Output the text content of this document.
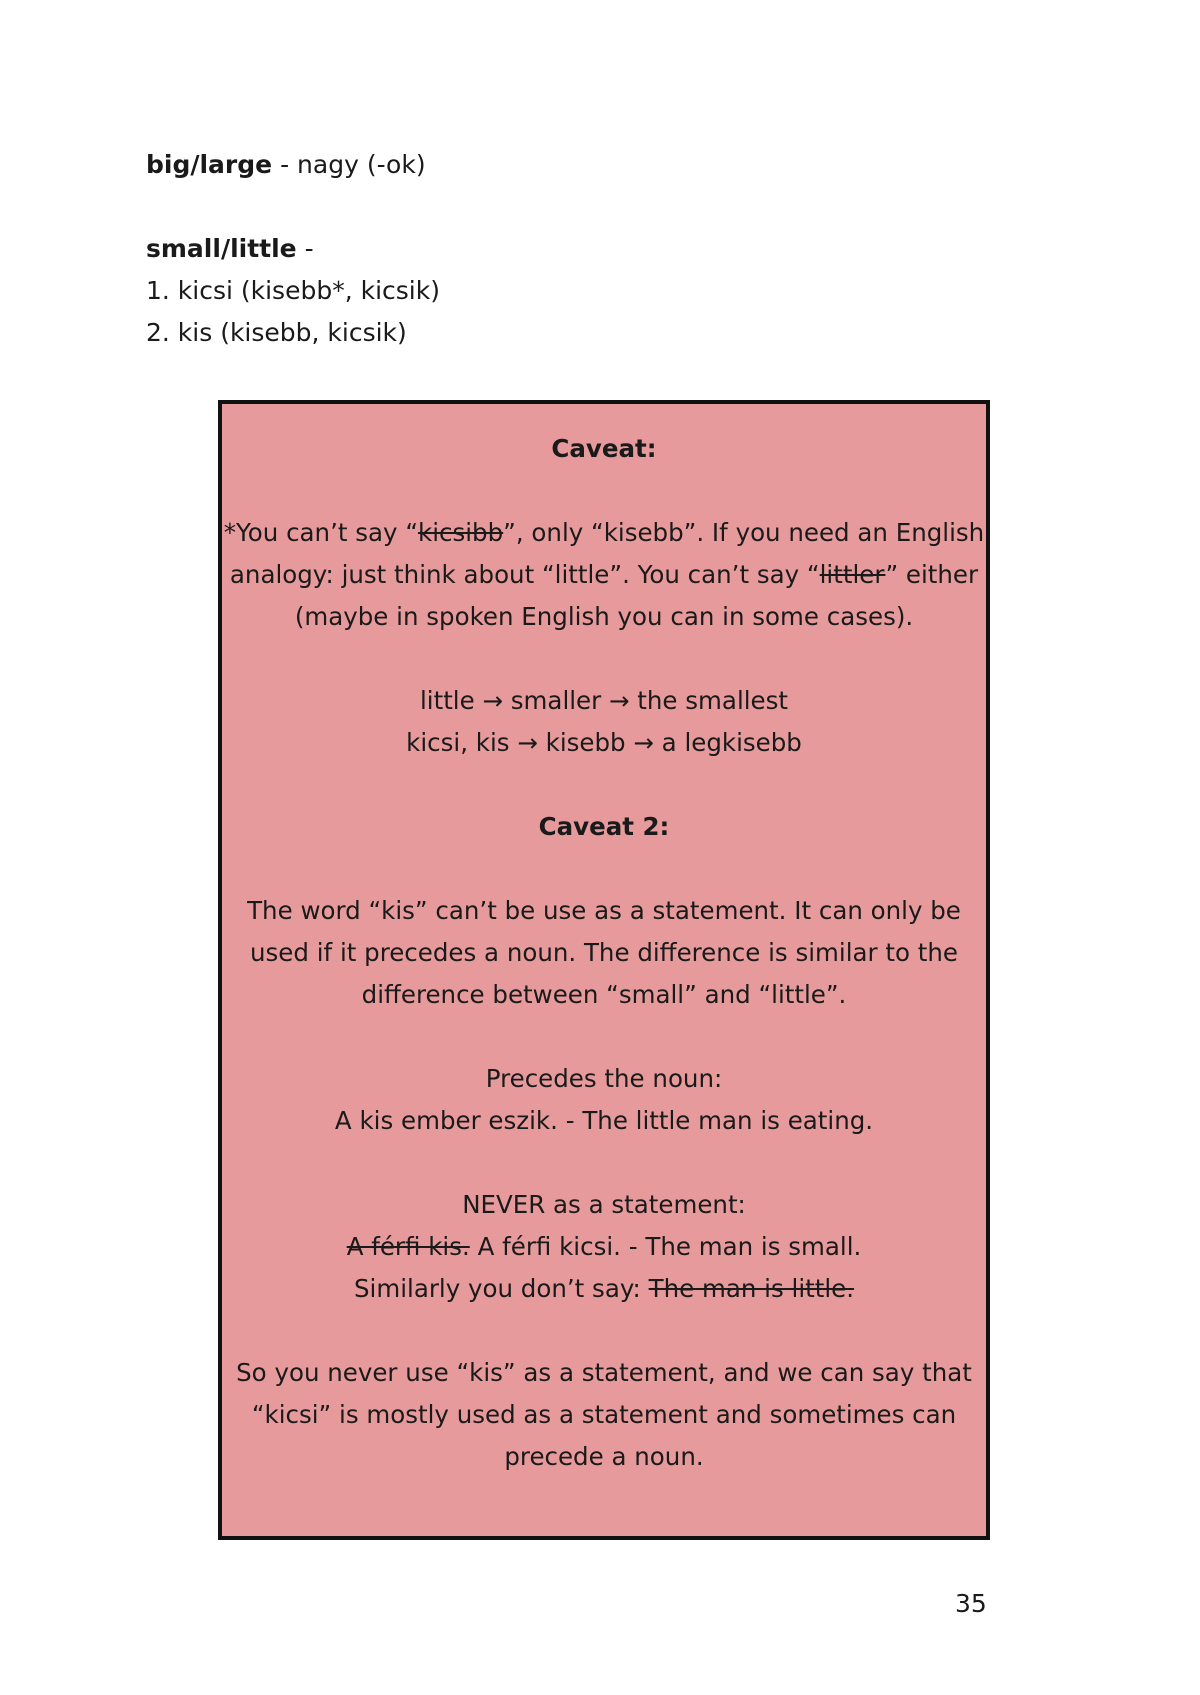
big/large - nagy (-ok)

small/little -

1. kicsi (kisebb*, kicsik)

2. kis (kisebb, kicsik)

Caveat:

*You can’t say “kicsibb”, only “kisebb”. If you need an English analogy: just think about “little”. You can’t say “littler” either (maybe in spoken English you can in some cases).

little → smaller → the smallest

kicsi, kis → kisebb → a legkisebb

Caveat 2:

The word “kis” can’t be use as a statement. It can only be used if it precedes a noun. The difference is similar to the difference between “small” and “little”.

Precedes the noun:

A kis ember eszik. - The little man is eating.

NEVER as a statement:

A férfi kis. A férfi kicsi. - The man is small.

Similarly you don’t say: The man is little.

So you never use “kis” as a statement, and we can say that “kicsi” is mostly used as a statement and sometimes can precede a noun.

35
